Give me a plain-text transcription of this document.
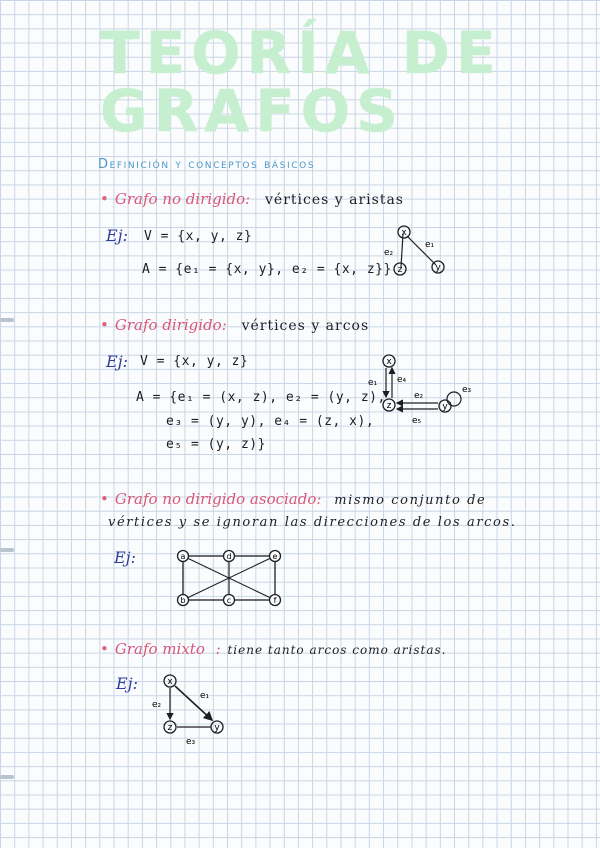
TEORÍA DE
GRAFOS
Definición y conceptos básicos
• Grafo no dirigido: vértices y aristas
Ej: V = {x, y, z}
A = {e₁ = {x, y}, e₂ = {x, z}}
x
z	y
e₂
e₁
• Grafo dirigido: vértices y arcos
Ej: V = {x, y, z}
A = {e₁ = (x, z), e₂ = (y, z),
e₃ = (y, y), e₄ = (z, x),
e₅ = (y, z)}
x
z	y
e₁ e₄
e₂
e₃
e₅
• Grafo no dirigido asociado: mismo conjunto de
vértices y se ignoran las direcciones de los arcos.
Ej:	a	d	e
b	c	f
• Grafo mixto : tiene tanto arcos como aristas.
Ej:	x
z	y
e₁
e₂
e₃
